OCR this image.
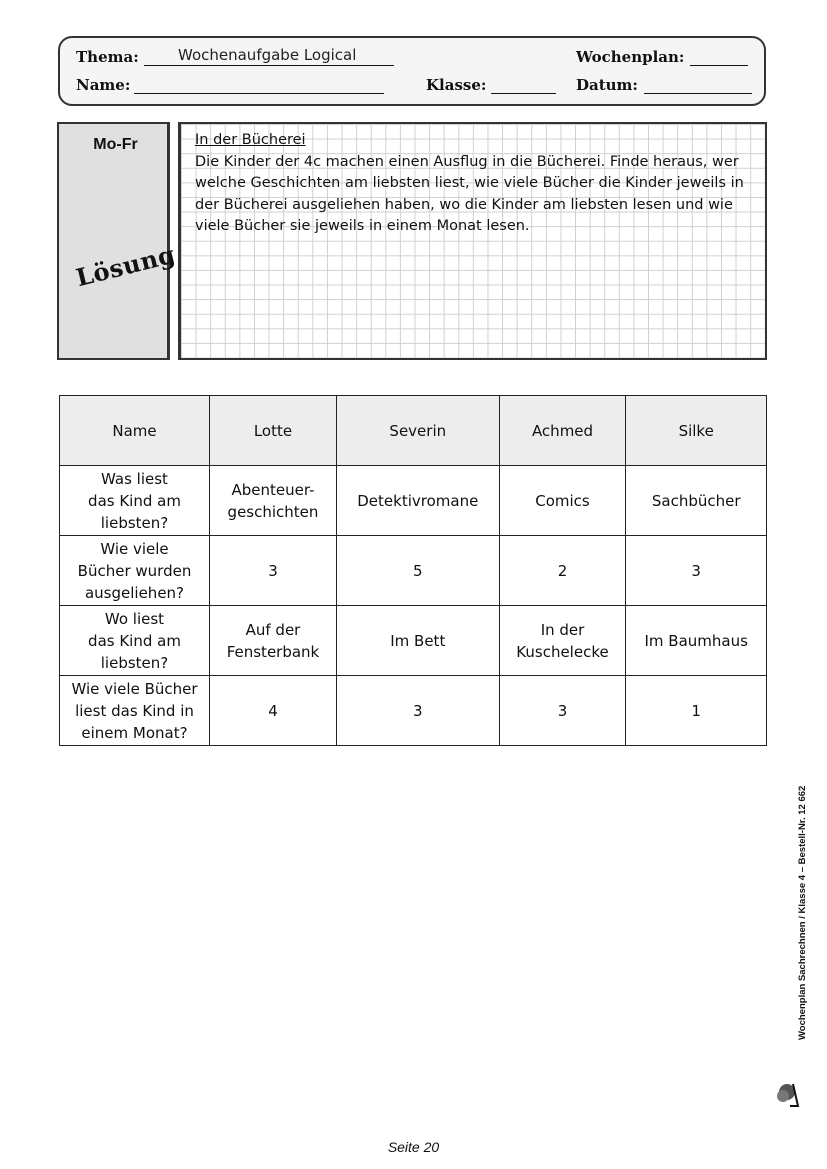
Thema:	Wochenaufgabe Logical	Wochenplan:
Name:	Klasse:	Datum:
Mo-Fr
Lösung
In der Bücherei
Die Kinder der 4c machen einen Ausflug in die Bücherei. Finde heraus, wer welche Geschichten am liebsten liest, wie viele Bücher die Kinder jeweils in der Bücherei ausgeliehen haben, wo die Kinder am liebsten lesen und wie viele Bücher sie jeweils in einem Monat lesen.
Name	Lotte	Severin	Achmed	Silke

Was liest
das Kind am
liebsten?	Abenteuer-
geschichten	Detektivromane	Comics	Sachbücher

Wie viele
Bücher wurden
ausgeliehen?	3	5	2	3

Wo liest
das Kind am
liebsten?	Auf der
Fensterbank	Im Bett	In der
Kuschelecke	Im Baumhaus

Wie viele Bücher
liest das Kind in
einem Monat?	4	3	3	1
Wochenplan Sachrechnen / Klasse 4 – Bestell-Nr. 12 662
Seite 20
